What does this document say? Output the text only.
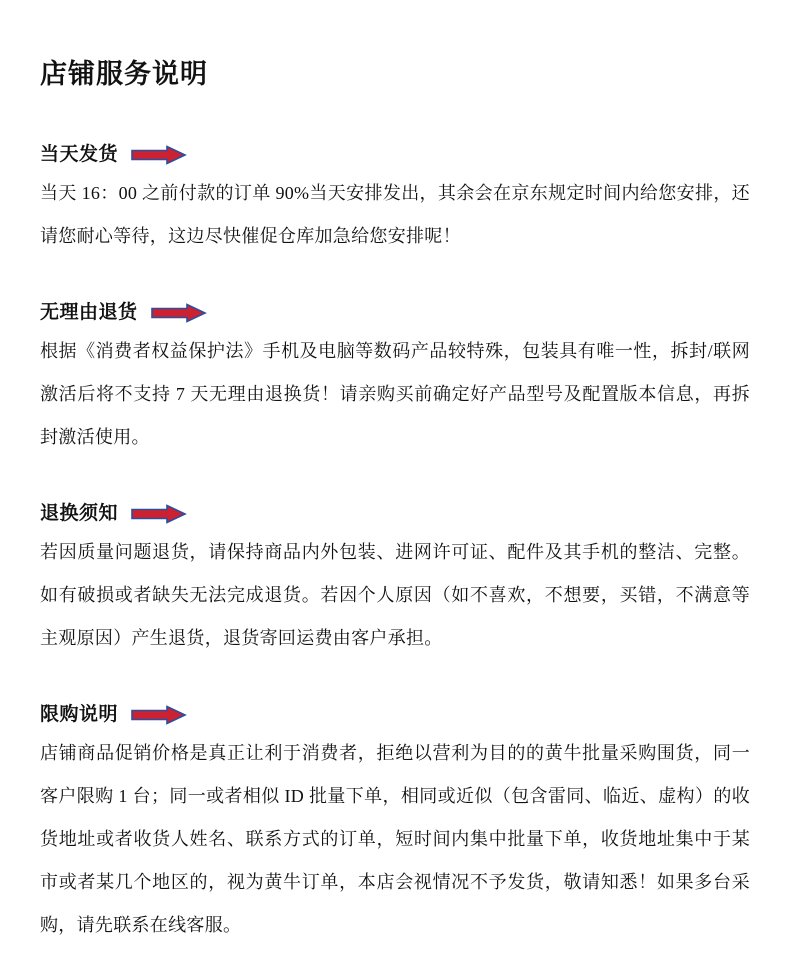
店铺服务说明
当天发货

当天 16：00 之前付款的订单 90%当天安排发出，其余会在京东规定时间内给您安排，还请您耐心等待，这边尽快催促仓库加急给您安排呢！

无理由退货

根据《消费者权益保护法》手机及电脑等数码产品较特殊，包装具有唯一性，拆封/联网激活后将不支持 7 天无理由退换货！请亲购买前确定好产品型号及配置版本信息，再拆封激活使用。

退换须知

若因质量问题退货，请保持商品内外包装、进网许可证、配件及其手机的整洁、完整。如有破损或者缺失无法完成退货。若因个人原因（如不喜欢，不想要，买错，不满意等主观原因）产生退货，退货寄回运费由客户承担。

限购说明

店铺商品促销价格是真正让利于消费者，拒绝以营利为目的的黄牛批量采购围货，同一客户限购 1 台；同一或者相似 ID 批量下单，相同或近似（包含雷同、临近、虚构）的收货地址或者收货人姓名、联系方式的订单，短时间内集中批量下单，收货地址集中于某市或者某几个地区的，视为黄牛订单，本店会视情况不予发货，敬请知悉！如果多台采购，请先联系在线客服。
